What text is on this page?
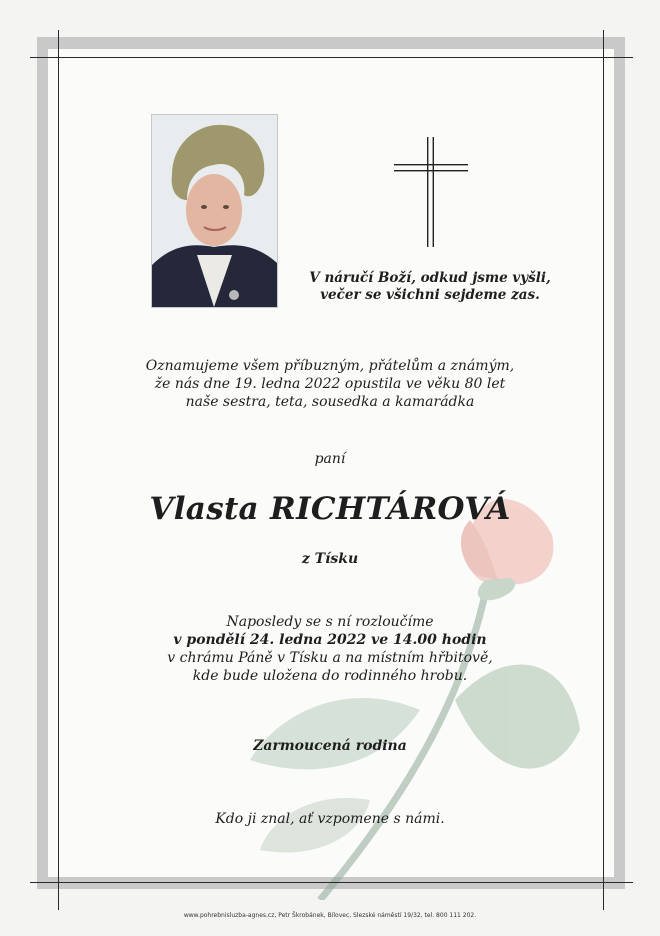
V náručí Boží, odkud jsme vyšli,
večer se všichni sejdeme zas.
Oznamujeme všem příbuzným, přátelům a známým,
že nás dne 19. ledna 2022 opustila ve věku 80 let
naše sestra, teta, sousedka a kamarádka
paní
Vlasta RICHTÁROVÁ
z Tísku
Naposledy se s ní rozloučíme
v pondělí 24. ledna 2022 ve 14.00 hodin
v chrámu Páně v Tísku a na místním hřbitově,
kde bude uložena do rodinného hrobu.
Zarmoucená rodina
Kdo ji znal, ať vzpomene s námi.
www.pohrebnisluzba-agnes.cz, Petr Škrobánek, Bílovec, Slezské náměstí 19/32, tel. 800 111 202.
